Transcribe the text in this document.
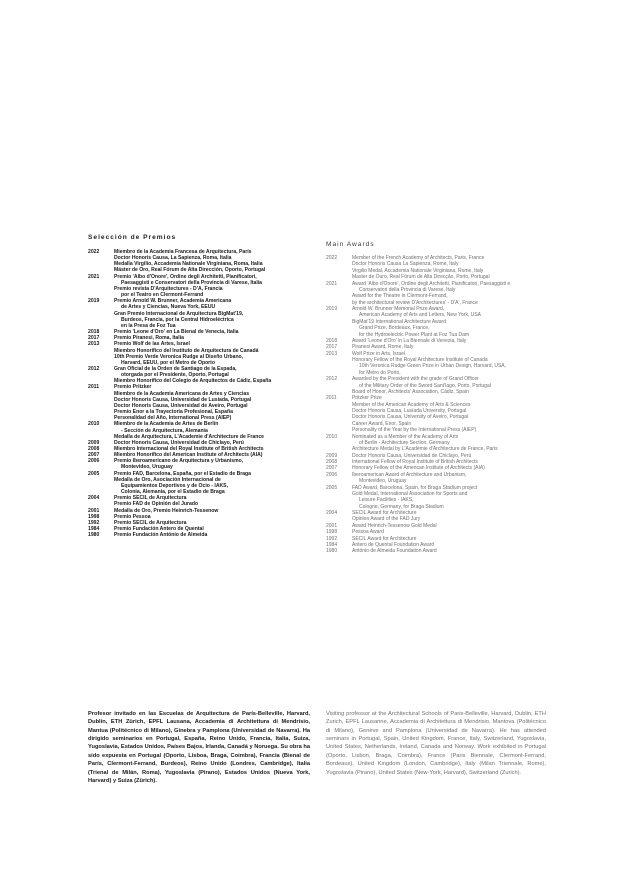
Selección de Premios
2022	Miembro de la Academia Francesa de Arquitectura, París
Doctor Honoris Causa, La Sapienza, Roma, Italia
Medalla Virgilio, Accademia Nationale Virginiana, Roma, Italia
Máster de Oro, Real Fórum de Alta Dirección, Oporto, Portugal
2021	Premio 'Albo d'Onore', Ordine degli Architetti, Pianificatori,
Paesaggisti e Conservatori della Provincia di Varese, Italia
Premio revista D'Arquitectures - D'A, Francia
por el Teatro en Clermont-Ferrand
2019	Premio Arnold W. Brunner, Academia Americana
de Artes y Ciencias, Nueva York, EEUU
Gran Premio Internacional de Arquitectura BigMat'19,
Burdeos, Francia, por la Central Hidroeléctrica
en la Presa de Foz Tua
2018	Premio 'Leone d'Oro' en La Bienal de Venecia, Italia
2017	Premio Piranesi, Roma, Italia
2013	Premio Wolf de las Artes, Israel
Miembro Honorífico del Instituto de Arquitectura de Canadá
10th Premio Verde Veronica Rudge al Diseño Urbano,
Harvard, EEUU, por el Metro de Oporto
2012	Gran Oficial de la Orden de Santiago de la Espada,
otorgada por el Presidente, Oporto, Portugal
Miembro Honorífico del Colegio de Arquitectos de Cádiz, España
2011	Premio Pritzker
Miembro de la Academia Americana de Artes y Ciencias
Doctor Honoris Causa, Universidad de Lusíada, Portugal
Doctor Honoris Causa, Universidad de Aveiro, Portugal
Premio Enor a la Trayectoria Profesional, España
Personalidad del Año, International Press (AIEP)
2010	Miembro de la Academia de Artes de Berlín
- Sección de Arquitectura, Alemania
Medalla de Arquitectura, L'Academie d'Architecture de France
2009	Doctor Honoris Causa, Universidad de Chiclayo, Perú
2008	Miembro Internacional del Royal Institute of British Architects
2007	Miembro Honorífico del American Institute of Architects (AIA)
2006	Premio Iberoamericano de Arquitectura y Urbanismo,
Montevideo, Uruguay
2005	Premio FAD, Barcelona, España, por el Estadio de Braga
Medalla de Oro, Asociación Internacional de
Equipamientos Deportivos y de Ocio - IAKS,
Colonia, Alemania, por el Estadio de Braga
2004	Premio SECIL de Arquitectura
Premio FAD de Opinión del Jurado
2001	Medalla de Oro, Premio Heinrich-Tessenow
1998	Premio Pessoa
1992	Premio SECIL de Arquitectura
1984	Premio Fundación Antero de Quental
1980	Premio Fundación António de Almeida
Main Awards
2022	Member of the French Academy of Architects, Paris, France
Doctor Honoris Causa La Sapienza, Rome, Italy
Virgilio Medal, Accademia Nationale Virginiana, Rome, Italy
Master de Ouro, Real Fórum de Alta Direcção, Porto, Portugal
2021	Award 'Albo d'Onore', Ordine degli Architetti, Pianificatori, Paesaggisti e
Conservatori della Provincia di Varese, Italy
Award for the Theatre in Clermont-Ferrand,
by the architectural review D'Architectures' - D'A', France
2019	Arnold W. Brunner Memorial Prize Award,
American Academy of Arts and Letters, New York, USA
BigMat'19 International Architecture Award
Grand Prize, Bordeaux, France,
for the Hydroelectric Power Plant at Foz Tua Dam
2018	Award 'Leone d'Oro' in La Biennale di Venezia, Italy
2017	Piranesi Award, Rome, Italy
2013	Wolf Prize in Arts, Israel
Honorary Fellow of the Royal Architecture Institute of Canada
10th Veronica Rudge Green Prize in Urban Design, Harvard, USA,
for Metro do Porto,
2012	Awarded by the President with the grade of Grand Officer
of the Military Order of the Sword Sant'Iago, Porto, Portugal
Board of Honor, Architects' Association, Cádiz, Spain
2011	Pritzker Prize
Member of the American Academy of Arts & Sciences
Doctor Honoris Causa, Lusíada University, Portugal
Doctor Honoris Causa, University of Aveiro, Portugal
Career Award, Enor, Spain
Personality of the Year by the International Press (AIEP)
2010	Nominated as a Member of the Academy of Arts
of Berlin - Architecture Section, Germany
Architecture Medal by L'Académie d'Architecture de France, Paris
2009	Doctor Honoris Causa, Universidad de Chiclayo, Perú
2008	International Fellow of Royal Institute of British Architects
2007	Honorary Fellow of the American Institute of Architects (AIA)
2006	Iberoamerican Award of Architecture and Urbanism,
Montevideo, Uruguay
2005	FAD Award, Barcelona, Spain, for Braga Stadium project
Gold Medal, International Association for Sports and
Leisure Facilities - IAKS,
Cologne, Germany, for Braga Stadium
2004	SECIL Award for Architecture
Opinion Award of the FAD Jury
2001	Award Heinrich-Tessenow Gold Medal
1998	Pessoa Award
1992	SECIL Award for Architecture
1984	Antero de Quental Foundation Award
1980	António de Almeida Foundation Award

Profesor invitado en las Escuelas de Arquitectura de París-Belleville, Harvard, Dublin, ETH Zürich, EPFL Lausana, Accademia di Architettura di Mendrisio, Mantua (Politécnico di Milano), Ginebra y Pamplona (Universidad de Navarra). Ha dirigido seminarios en Portugal, España, Reino Unido, Francia, Italia, Suiza, Yugoslavia, Estados Unidos, Países Bajos, Irlanda, Canadá y Noruega. Su obra ha sido expuesta en Portugal (Oporto, Lisboa, Braga, Coimbra), Francia (Bienal de París, Clermont-Ferrand, Burdeos), Reino Unido (Londres, Cambridge), Italia (Trienal de Milán, Roma), Yugoslavia (Pirano), Estados Unidos (Nueva York, Harvard) y Suiza (Zürich).

Visiting professor at the Architectural Schools of Paris-Belleville, Harvard, Dublin, ETH Zurich, EPFL Lausanne, Accademia di Architettura di Mendrisio, Mantova (Politécnico di Milano), Genève and Pamplona (Universidad de Navarra). He has attended seminars in Portugal, Spain, United Kingdom, France, Italy, Switzerland, Yugoslavia, United States, Netherlands, Ireland, Canada and Norway. Work exhibited in Portugal (Oporto, Lisbon, Braga, Coimbra), France (Paris Biennale, Clermont-Ferrand, Bordeaux), United Kingdom (London, Cambridge), Italy (Milan Triennale, Rome), Yugoslavia (Pirano), United States (New-York, Harvard), Switzerland (Zurich).
